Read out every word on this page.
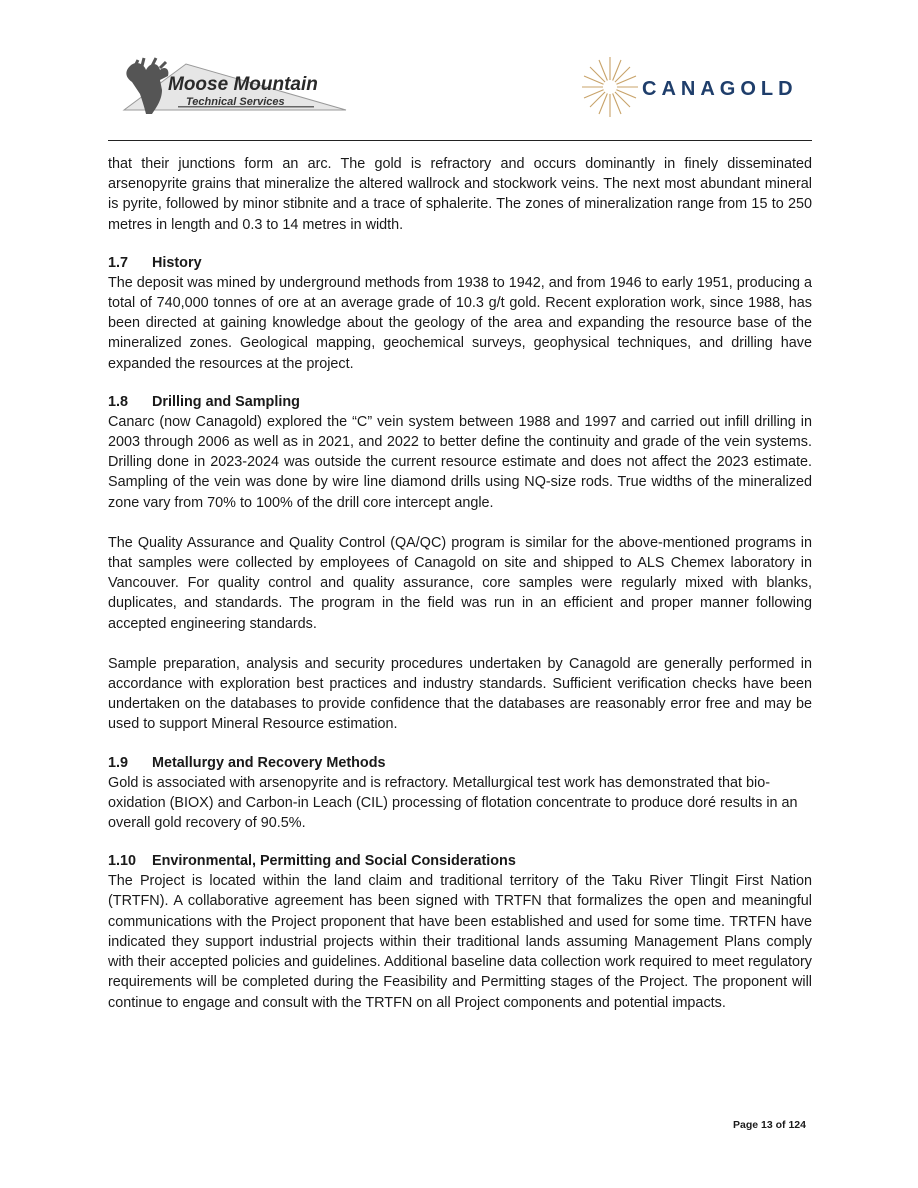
Moose Mountain
Technical Services
CANAGOLD

that their junctions form an arc. The gold is refractory and occurs dominantly in finely disseminated arsenopyrite grains that mineralize the altered wallrock and stockwork veins. The next most abundant mineral is pyrite, followed by minor stibnite and a trace of sphalerite. The zones of mineralization range from 15 to 250 metres in length and 0.3 to 14 metres in width.

1.7 History

The deposit was mined by underground methods from 1938 to 1942, and from 1946 to early 1951, producing a total of 740,000 tonnes of ore at an average grade of 10.3 g/t gold. Recent exploration work, since 1988, has been directed at gaining knowledge about the geology of the area and expanding the resource base of the mineralized zones. Geological mapping, geochemical surveys, geophysical techniques, and drilling have expanded the resources at the project.

1.8 Drilling and Sampling

Canarc (now Canagold) explored the “C” vein system between 1988 and 1997 and carried out infill drilling in 2003 through 2006 as well as in 2021, and 2022 to better define the continuity and grade of the vein systems. Drilling done in 2023-2024 was outside the current resource estimate and does not affect the 2023 estimate. Sampling of the vein was done by wire line diamond drills using NQ-size rods. True widths of the mineralized zone vary from 70% to 100% of the drill core intercept angle.

The Quality Assurance and Quality Control (QA/QC) program is similar for the above-mentioned programs in that samples were collected by employees of Canagold on site and shipped to ALS Chemex laboratory in Vancouver. For quality control and quality assurance, core samples were regularly mixed with blanks, duplicates, and standards. The program in the field was run in an efficient and proper manner following accepted engineering standards.

Sample preparation, analysis and security procedures undertaken by Canagold are generally performed in accordance with exploration best practices and industry standards. Sufficient verification checks have been undertaken on the databases to provide confidence that the databases are reasonably error free and may be used to support Mineral Resource estimation.

1.9 Metallurgy and Recovery Methods

Gold is associated with arsenopyrite and is refractory. Metallurgical test work has demonstrated that bio-oxidation (BIOX) and Carbon-in Leach (CIL) processing of flotation concentrate to produce doré results in an overall gold recovery of 90.5%.

1.10 Environmental, Permitting and Social Considerations

The Project is located within the land claim and traditional territory of the Taku River Tlingit First Nation (TRTFN). A collaborative agreement has been signed with TRTFN that formalizes the open and meaningful communications with the Project proponent that have been established and used for some time. TRTFN have indicated they support industrial projects within their traditional lands assuming Management Plans comply with their accepted policies and guidelines. Additional baseline data collection work required to meet regulatory requirements will be completed during the Feasibility and Permitting stages of the Project. The proponent will continue to engage and consult with the TRTFN on all Project components and potential impacts.

Page 13 of 124
